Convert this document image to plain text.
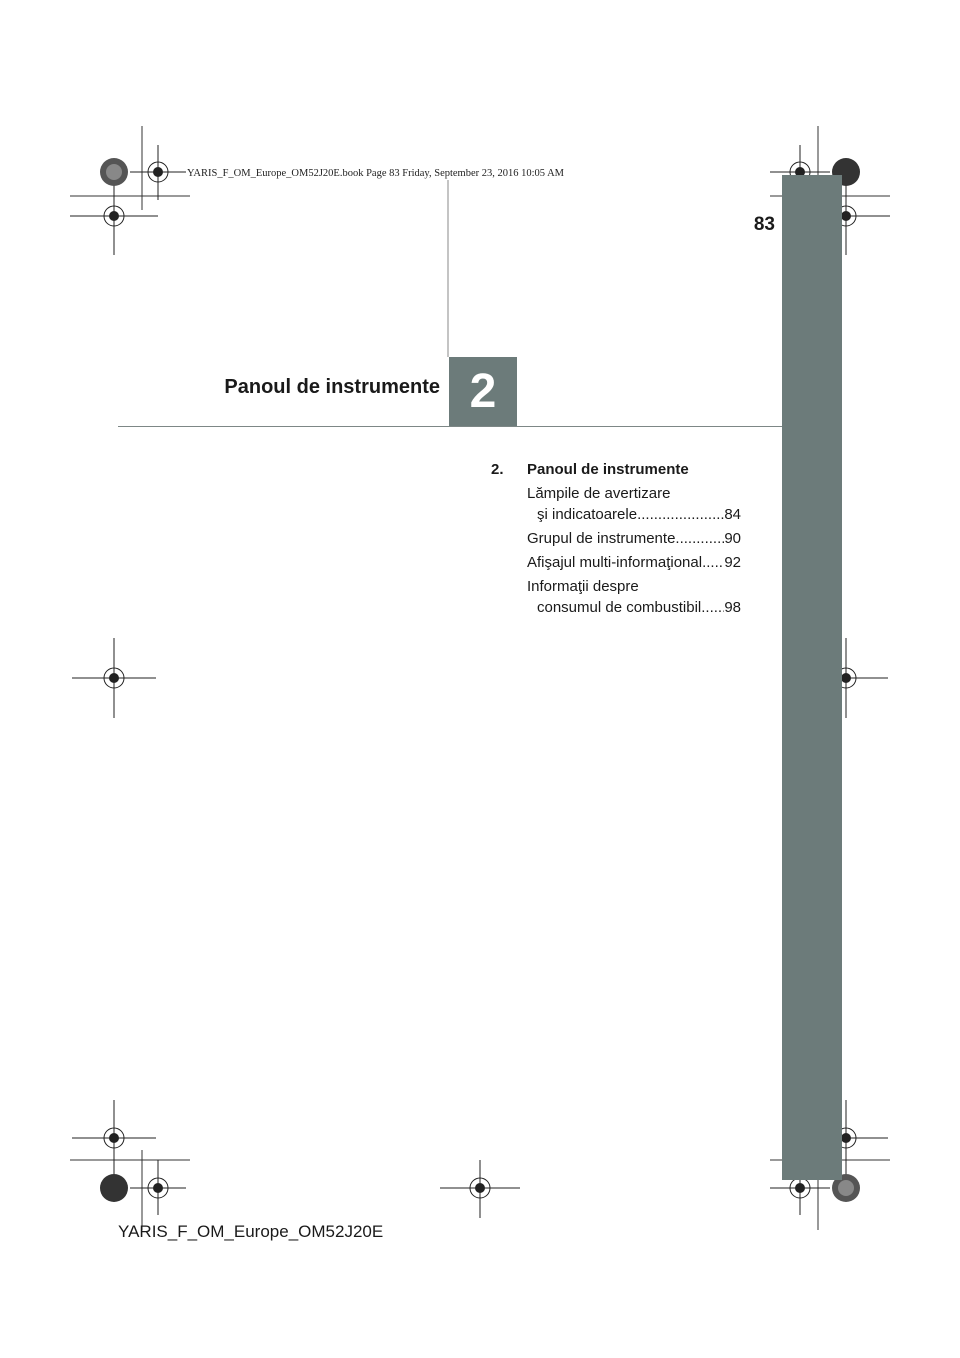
YARIS_F_OM_Europe_OM52J20E.book Page 83 Friday, September 23, 2016 10:05 AM
83
Panoul de instrumente 2
2.	Panoul de instrumente
Lămpile de avertizare
şi indicatoarele .....	84
Grupul de instrumente .....	90
Afişajul multi-informaţional ..... 92
Informaţii despre
consumul de combustibil ..... 98
YARIS_F_OM_Europe_OM52J20E
